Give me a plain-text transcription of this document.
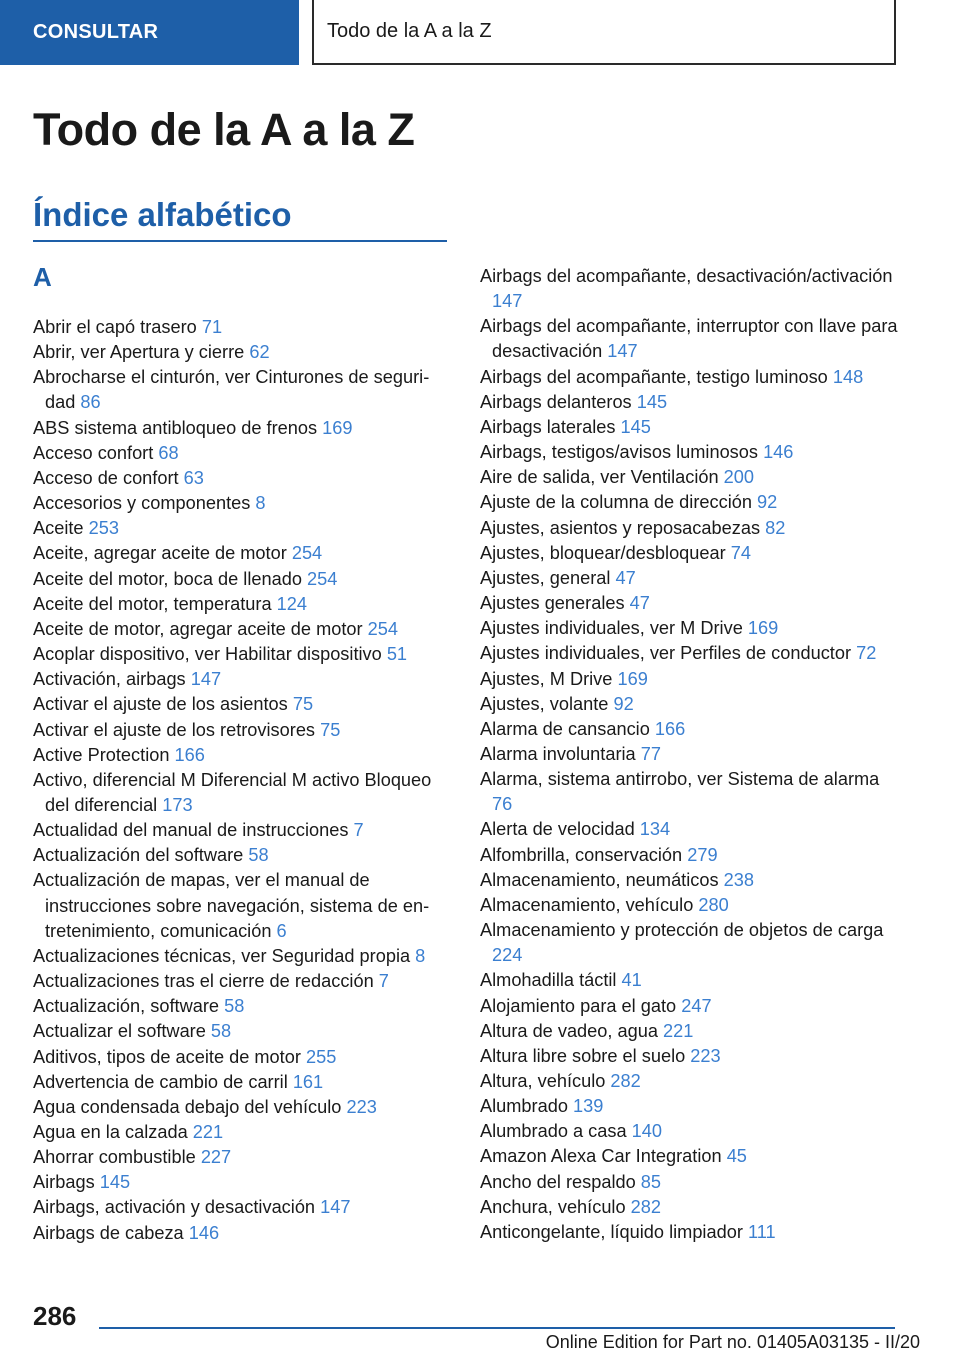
CONSULTAR	Todo de la A a la Z
Todo de la A a la Z
Índice alfabético
A
Abrir el capó trasero 71
Abrir, ver Apertura y cierre 62
Abrocharse el cinturón, ver Cinturones de seguridad 86
ABS sistema antibloqueo de frenos 169
Acceso confort 68
Acceso de confort 63
Accesorios y componentes 8
Aceite 253
Aceite, agregar aceite de motor 254
Aceite del motor, boca de llenado 254
Aceite del motor, temperatura 124
Aceite de motor, agregar aceite de motor 254
Acoplar dispositivo, ver Habilitar dispositivo 51
Activación, airbags 147
Activar el ajuste de los asientos 75
Activar el ajuste de los retrovisores 75
Active Protection 166
Activo, diferencial M Diferencial M activo Bloqueo del diferencial 173
Actualidad del manual de instrucciones 7
Actualización del software 58
Actualización de mapas, ver el manual de instrucciones sobre navegación, sistema de entretenimiento, comunicación 6
Actualizaciones técnicas, ver Seguridad propia 8
Actualizaciones tras el cierre de redacción 7
Actualización, software 58
Actualizar el software 58
Aditivos, tipos de aceite de motor 255
Advertencia de cambio de carril 161
Agua condensada debajo del vehículo 223
Agua en la calzada 221
Ahorrar combustible 227
Airbags 145
Airbags, activación y desactivación 147
Airbags de cabeza 146
Airbags del acompañante, desactivación/activación 147
Airbags del acompañante, interruptor con llave para desactivación 147
Airbags del acompañante, testigo luminoso 148
Airbags delanteros 145
Airbags laterales 145
Airbags, testigos/avisos luminosos 146
Aire de salida, ver Ventilación 200
Ajuste de la columna de dirección 92
Ajustes, asientos y reposacabezas 82
Ajustes, bloquear/desbloquear 74
Ajustes, general 47
Ajustes generales 47
Ajustes individuales, ver M Drive 169
Ajustes individuales, ver Perfiles de conductor 72
Ajustes, M Drive 169
Ajustes, volante 92
Alarma de cansancio 166
Alarma involuntaria 77
Alarma, sistema antirrobo, ver Sistema de alarma 76
Alerta de velocidad 134
Alfombrilla, conservación 279
Almacenamiento, neumáticos 238
Almacenamiento, vehículo 280
Almacenamiento y protección de objetos de carga 224
Almohadilla táctil 41
Alojamiento para el gato 247
Altura de vadeo, agua 221
Altura libre sobre el suelo 223
Altura, vehículo 282
Alumbrado 139
Alumbrado a casa 140
Amazon Alexa Car Integration 45
Ancho del respaldo 85
Anchura, vehículo 282
Anticongelante, líquido limpiador 111
286
Online Edition for Part no. 01405A03135 - II/20
